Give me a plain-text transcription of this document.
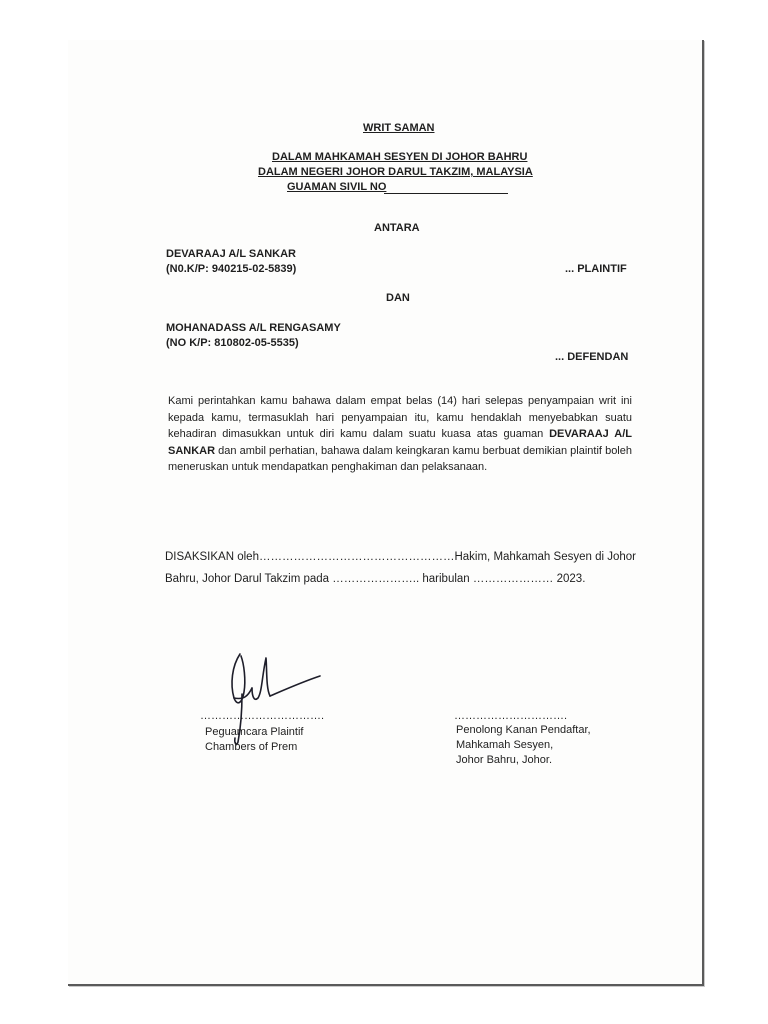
WRIT SAMAN
DALAM MAHKAMAH SESYEN DI JOHOR BAHRU
DALAM NEGERI JOHOR DARUL TAKZIM, MALAYSIA
GUAMAN SIVIL NO
ANTARA
DEVARAAJ A/L SANKAR
(N0.K/P: 940215-02-5839)	... PLAINTIF
DAN
MOHANADASS A/L RENGASAMY
(NO K/P: 810802-05-5535)
... DEFENDAN
Kami perintahkan kamu bahawa dalam empat belas (14) hari selepas penyampaian writ ini kepada kamu, termasuklah hari penyampaian itu, kamu hendaklah menyebabkan suatu kehadiran dimasukkan untuk diri kamu dalam suatu kuasa atas guaman DEVARAAJ A/L SANKAR dan ambil perhatian, bahawa dalam keingkaran kamu berbuat demikian plaintif boleh meneruskan untuk mendapatkan penghakiman dan pelaksanaan.
DISAKSIKAN oleh …………………………………………… Hakim, Mahkamah Sesyen di Johor
Bahru, Johor Darul Takzim pada ………………….. haribulan ………………… 2023.
…………………………….
Peguamcara Plaintif
Chambers of Prem
………………………….
Penolong Kanan Pendaftar,
Mahkamah Sesyen,
Johor Bahru, Johor.
